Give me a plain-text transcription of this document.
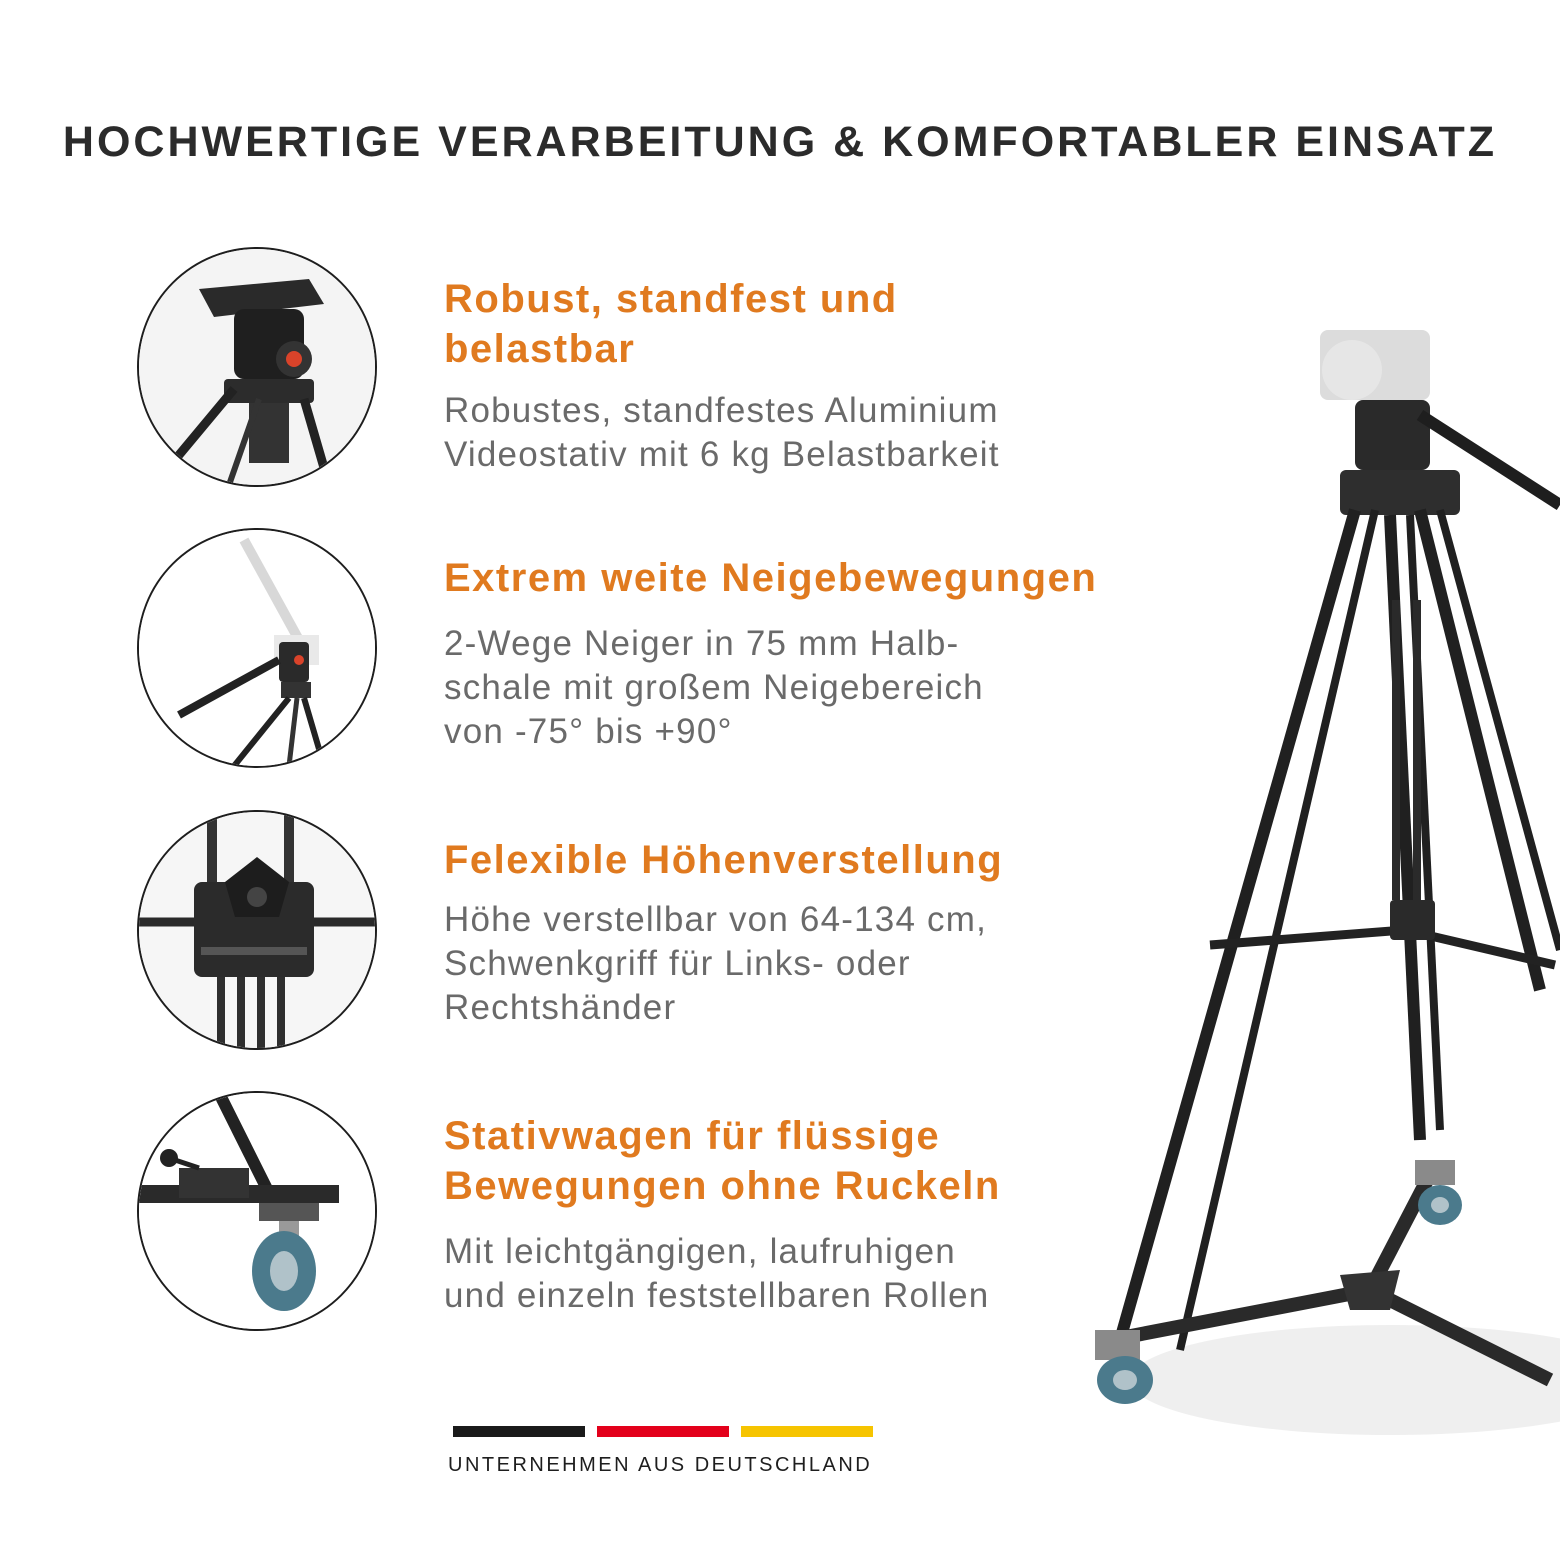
HOCHWERTIGE VERARBEITUNG & KOMFORTABLER EINSATZ
Robust, standfest und
belastbar

Robustes, standfestes Aluminium
Videostativ mit 6 kg Belastbarkeit

Extrem weite Neigebewegungen

2-Wege Neiger in 75 mm Halb-
schale mit großem Neigebereich
von -75° bis +90°

Felexible Höhenverstellung

Höhe verstellbar von 64-134 cm,
Schwenkgriff für Links- oder
Rechtshänder

Stativwagen für flüssige
Bewegungen ohne Ruckeln

Mit leichtgängigen, laufruhigen
und einzeln feststellbaren Rollen

UNTERNEHMEN AUS DEUTSCHLAND
